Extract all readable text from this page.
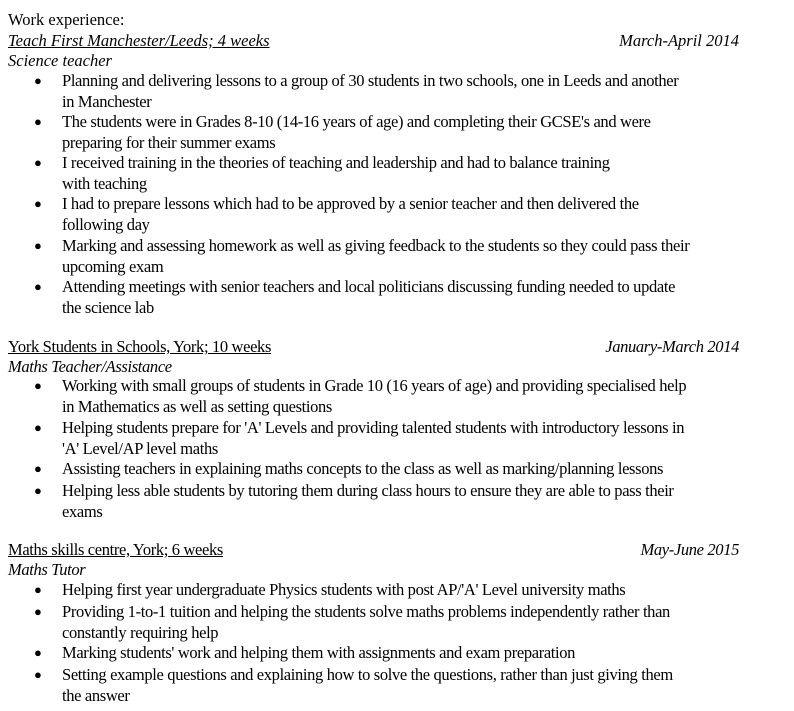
Work experience:
Teach First Manchester/Leeds; 4 weeks	March-April 2014
Science teacher
● Planning and delivering lessons to a group of 30 students in two schools, one in Leeds and another
in Manchester
● The students were in Grades 8-10 (14-16 years of age) and completing their GCSE's and were
preparing for their summer exams
● I received training in the theories of teaching and leadership and had to balance training
with teaching
● I had to prepare lessons which had to be approved by a senior teacher and then delivered the
following day
● Marking and assessing homework as well as giving feedback to the students so they could pass their
upcoming exam
● Attending meetings with senior teachers and local politicians discussing funding needed to update
the science lab
York Students in Schools, York; 10 weeks	January-March 2014
Maths Teacher/Assistance
● Working with small groups of students in Grade 10 (16 years of age) and providing specialised help
in Mathematics as well as setting questions
● Helping students prepare for 'A' Levels and providing talented students with introductory lessons in
'A' Level/AP level maths
● Assisting teachers in explaining maths concepts to the class as well as marking/planning lessons
● Helping less able students by tutoring them during class hours to ensure they are able to pass their
exams
Maths skills centre, York; 6 weeks	May-June 2015
Maths Tutor
● Helping first year undergraduate Physics students with post AP/'A' Level university maths
● Providing 1-to-1 tuition and helping the students solve maths problems independently rather than
constantly requiring help
● Marking students' work and helping them with assignments and exam preparation
● Setting example questions and explaining how to solve the questions, rather than just giving them
the answer
